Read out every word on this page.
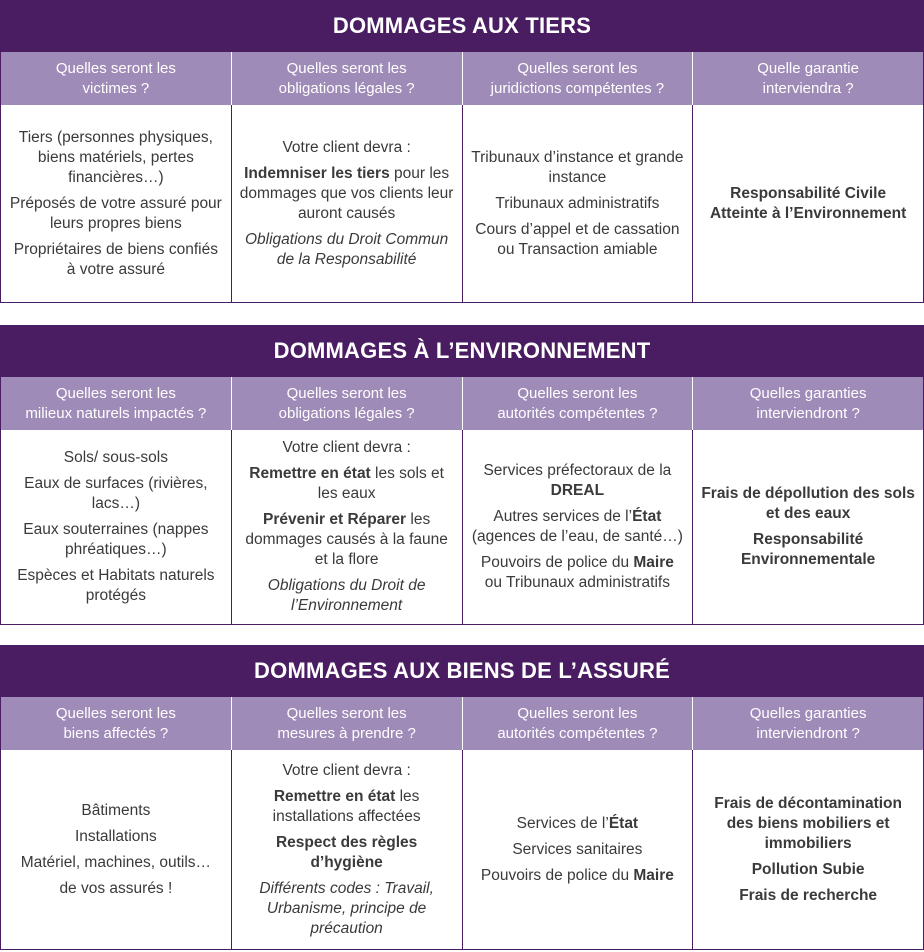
DOMMAGES AUX TIERS
Quelles seront les
victimes ?
Quelles seront les
obligations légales ?
Quelles seront les
juridictions compétentes ?
Quelle garantie
interviendra ?
Tiers (personnes physiques, biens matériels, pertes financières…)
Préposés de votre assuré pour leurs propres biens
Propriétaires de biens confiés à votre assuré
Votre client devra :
Indemniser les tiers pour les dommages que vos clients leur auront causés
Obligations du Droit Commun de la Responsabilité
Tribunaux d’instance et grande instance
Tribunaux administratifs
Cours d’appel et de cassation ou Transaction amiable
Responsabilité Civile Atteinte à l’Environnement
DOMMAGES À L’ENVIRONNEMENT
Quelles seront les
milieux naturels impactés ?
Quelles seront les
obligations légales ?
Quelles seront les
autorités compétentes ?
Quelles garanties
interviendront ?
Sols/ sous-sols
Eaux de surfaces (rivières, lacs…)
Eaux souterraines (nappes phréatiques…)
Espèces et Habitats naturels protégés
Votre client devra :
Remettre en état les sols et les eaux
Prévenir et Réparer les dommages causés à la faune et la flore
Obligations du Droit de l’Environnement
Services préfectoraux de la DREAL
Autres services de l’État (agences de l’eau, de santé…)
Pouvoirs de police du Maire ou Tribunaux administratifs
Frais de dépollution des sols et des eaux
Responsabilité Environnementale
DOMMAGES AUX BIENS DE L’ASSURÉ
Quelles seront les
biens affectés ?
Quelles seront les
mesures à prendre ?
Quelles seront les
autorités compétentes ?
Quelles garanties
interviendront ?
Bâtiments
Installations
Matériel, machines, outils…
de vos assurés !
Votre client devra :
Remettre en état les installations affectées
Respect des règles d’hygiène
Différents codes : Travail, Urbanisme, principe de précaution
Services de l’État
Services sanitaires
Pouvoirs de police du Maire
Frais de décontamination des biens mobiliers et immobiliers
Pollution Subie
Frais de recherche
